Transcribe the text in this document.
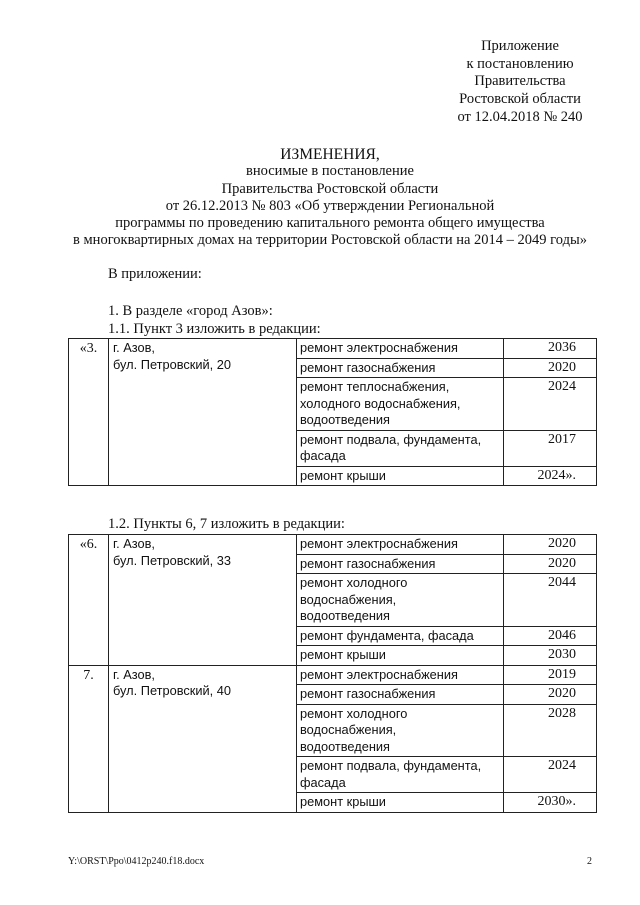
Приложение
к постановлению
Правительства
Ростовской области
от 12.04.2018 № 240
ИЗМЕНЕНИЯ,
вносимые в постановление
Правительства Ростовской области
от 26.12.2013 № 803 «Об утверждении Региональной
программы по проведению капитального ремонта общего имущества
в многоквартирных домах на территории Ростовской области на 2014 – 2049 годы»
В приложении:
1. В разделе «город Азов»:
1.1. Пункт 3 изложить в редакции:
«3.	г. Азов,
бул. Петровский, 20	ремонт электроснабжения	2036

		ремонт газоснабжения	2020

		ремонт теплоснабжения,
холодного водоснабжения,
водоотведения	2024

		ремонт подвала, фундамента,
фасада	2017

		ремонт крыши	2024».
1.2. Пункты 6, 7 изложить в редакции:
«6.	г. Азов,
бул. Петровский, 33	ремонт электроснабжения	2020

		ремонт газоснабжения	2020

		ремонт холодного
водоснабжения,
водоотведения	2044

		ремонт фундамента, фасада	2046

		ремонт крыши	2030
7.	г. Азов,
бул. Петровский, 40	ремонт электроснабжения	2019

		ремонт газоснабжения	2020

		ремонт холодного
водоснабжения,
водоотведения	2028

		ремонт подвала, фундамента,
фасада	2024

		ремонт крыши	2030».
Y:\ORST\Ppo\0412p240.f18.docx	2
